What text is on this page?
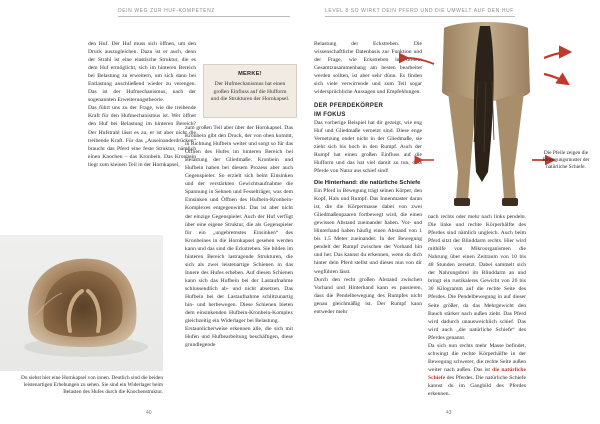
DEIN WEG ZUR HUF-KOMPETENZ	LEVEL 8 SO WIRKT DEIN PFERD UND DIE UMWELT AUF DEN HUF

den Huf. Der Huf muss sich öffnen, um den Druck auszugleichen. Dazu ist er auch, denn der Strahl ist eine elastische Struktur, die es dem Huf ermöglicht, sich im hinteren Bereich bei Belastung zu erweitern, um sich dann bei Entlastung anschließend wieder zu verengen. Das ist der Hufmechanismus, nach der sogenannten Erweiterungstheorie.
Das führt uns zu der Frage, wie die treibende Kraft für den Hufmechanismus ist. Wer öffnet den Huf bei Belastung im hinteren Bereich? Der Hufstrahl lässt es zu, er ist aber nicht die treibende Kraft. Für das „Auseinanderdrücken“ braucht das Pferd eine feste Struktur, nämlich einen Knochen – das Kronbein. Das Kronbein liegt zum kleinen Teil in der Hornkapsel,

MERKE!
Der Hufmechanismus hat einen großen Einfluss auf die Hufform und die Strukturen der Hornkapsel.

zum großen Teil aber über der Hornkapsel. Das Kronbein gibt den Druck, der von oben kommt, in Richtung Hufbein weiter und sorgt so für das Öffnen des Hufes im hinteren Bereich bei Belastung der Gliedmaße. Kronbein und Hufbein haben bei diesem Prozess aber auch Gegenspieler. So erzielt sich beim Einsinken und der verstärkten Gewichtsaufnahme die Spannung in Sehnen und Fesselträger, was dem Einsinken und Öffnen des Hufbein-Kronbein-Komplexes entgegenwirkt. Das ist aber nicht der einzige Gegenspieler. Auch der Huf verfügt über eine eigene Struktur, die als Gegenspieler für ein „ungebremstes Einsinken“ des Kronbeines in die Hornkapsel gesehen werden kann und das sind die Eckstreben. Sie bilden im hinteren Bereich lastragende Strukturen, die sich als zwei leistenartige Schienen in das Innere des Hufes erheben. Auf diesen Schienen kann sich das Hufbein bei der Lastaufnahme schlussendlich ab- und nicht absetzen. Das Hufbein bei der Lastaufnahme schlitzunartig hin- und herbewegen. Diese Schienen bieten dem einsinkenden Hufbein-Kronbein-Komplex gleichzeitig ein Widerlager bei Belastung.
Erstaunlicherweise erkennen alle, die sich mit Hufen und Hufbearbeitung beschäftigen, diese grundlegende

Du siehst hier eine Hornkapsel von innen. Deutlich sind die beiden leistenartigen Erhebungen zu sehen. Sie sind ein Widerlager beim Belasten des Hufes durch die Knochenstruktur.
40

Belastung der Eckstreben. Die wissenschaftliche Datenbasis zur Funktion und der Frage, wie Eckstreben in diesem Gesamtzusammenhang am besten bearbeitet werden sollten, ist aber sehr dünn. Es finden sich viele verwirrende und zum Teil sogar widersprüchliche Aussagen und Empfehlungen.

DER PFERDEKÖRPER
IM FOKUS

Das vorherige Beispiel hat dir gezeigt, wie eng Huf und Gliedmaße vernetzt sind. Diese enge Vernetzung endet nicht in der Gliedmaße, sie zieht sich bis hoch in den Rumpf. Auch der Rumpf hat einen großen Einfluss auf die Hufform und das hat viel damit zu tun, dass Pferde von Natur aus schief sind!

Die Hinterhand: die natürliche Schiefe

Ein Pferd in Bewegung trägt seinen Körper, den Kopf, Hals und Rumpf. Das Innenmaster daran ist, die die Körpermasse dabei von zwei Gliedmaßenpaaren fortbewegt wird, die einen gewissen Abstand zueinander haben. Vor- und Hinterhand haben häufig einen Abstand von 1 bis 1.5 Meter zueinander. In der Bewegung pendelt der Rumpf zwischen der Vorhand hin und her. Das kannst du erkennen, wenn du dich hinter dein Pferd stellst und dieses nun von dir wegführen lässt.
Durch den recht großen Abstand zwischen Vorhand und Hinterhand kann es passieren, dass die Pendelbewegung des Rumpfes nicht genau gleichmäßig ist. Der Rumpf kann entweder mehr

Die Pfeile zeigen die Bewegungsmuster der natürliche Schiefe.

nach rechts oder mehr nach links pendeln. Die linke und rechte Körperhälfte des Pferdes sind nämlich ungleich. Auch beim Pferd sitzt der Blinddarm rechts. Hier wird mithilfe von Mikroorganismen die Nahrung über einen Zeitraum von 10 bis 48 Stunden zersetzt. Dabei sammelt sich der Nahrungsbrei im Blinddarm an und bringt ein rustikaleres Gewicht von 20 bis 30 Kilogramm auf die rechte Seite des Pferdes. Die Pendelbewegung in auf dieser Seite größer, da das Mehrgewicht den Bauch stärker nach außen zieht. Das Pferd wird dadurch unausweichlich schief. Das wird auch „die natürliche Schiefe“ des Pferdes genannt.
Da sich nun rechts mehr Masse befindet, schwingt die rechte Körperhälfte in der Bewegung schwerer, die rechte Seite außen weiter nach außen. Das ist die natürliche Schiefe des Pferdes. Die natürliche Schiefe kannst du im Gangbild des Pferdes erkennen.

43
